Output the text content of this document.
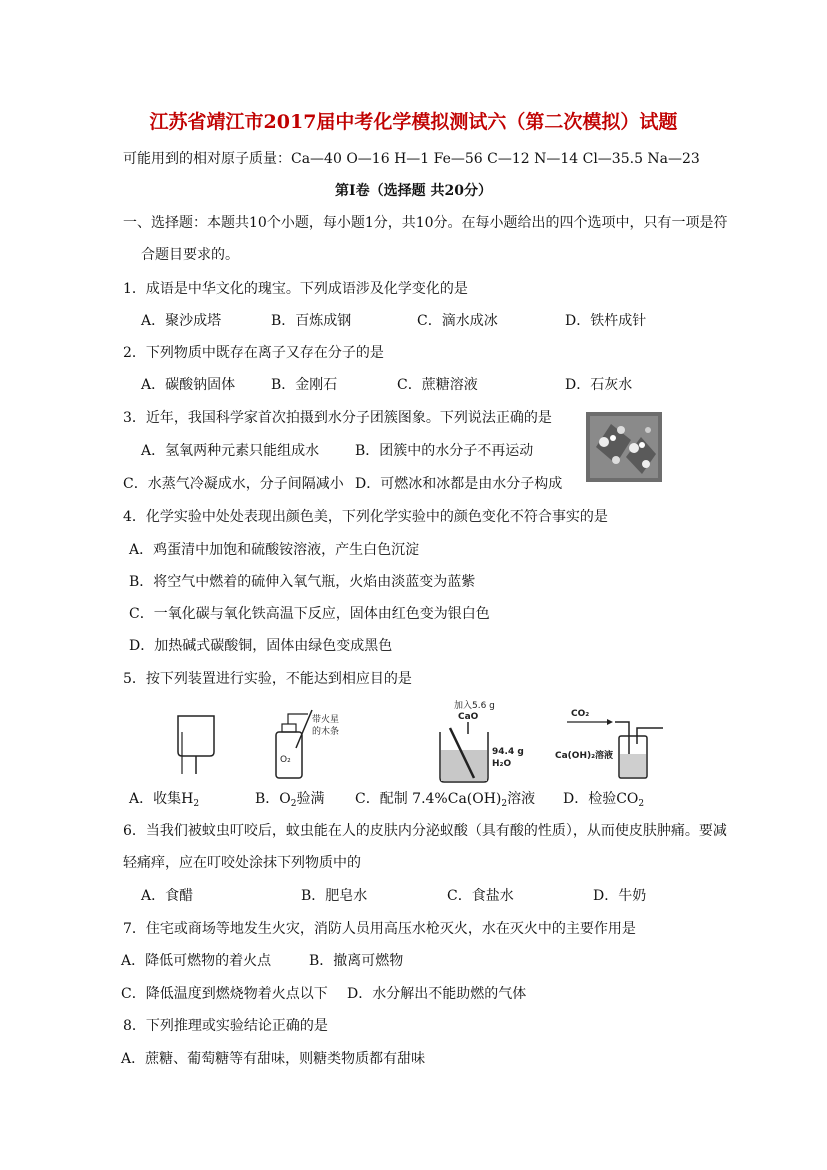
江苏省靖江市2017届中考化学模拟测试六（第二次模拟）试题
可能用到的相对原子质量：Ca—40 O—16 H—1 Fe—56 C—12 N—14 Cl—35.5 Na—23
第Ⅰ卷（选择题 共20分）
一、选择题：本题共10个小题，每小题1分，共10分。在每小题给出的四个选项中，只有一项是符
合题目要求的。
1．成语是中华文化的瑰宝。下列成语涉及化学变化的是
A．聚沙成塔	B．百炼成钢	C．滴水成冰	D．铁杵成针
2．下列物质中既存在离子又存在分子的是
A．碳酸钠固体	B．金刚石	C．蔗糖溶液	D．石灰水
3．近年，我国科学家首次拍摄到水分子团簇图象。下列说法正确的是
A．氢氧两种元素只能组成水	B．团簇中的水分子不再运动
C．水蒸气冷凝成水，分子间隔减小 D．可燃冰和冰都是由水分子构成
4．化学实验中处处表现出颜色美，下列化学实验中的颜色变化不符合事实的是
A．鸡蛋清中加饱和硫酸铵溶液，产生白色沉淀
B．将空气中燃着的硫伸入氧气瓶，火焰由淡蓝变为蓝紫
C．一氧化碳与氧化铁高温下反应，固体由红色变为银白色
D．加热碱式碳酸铜，固体由绿色变成黑色
5．按下列装置进行实验，不能达到相应目的是
O₂
带火星
的木条
加入5.6 g
CaO
94.4 g
H₂O
CO₂
Ca(OH)₂溶液
A．收集$H_2$	B．$O_2$验满 C．配制 $7.4\%Ca(OH)_2$溶液 D．检验$CO_2$
6．当我们被蚊虫叮咬后，蚊虫能在人的皮肤内分泌蚁酸（具有酸的性质），从而使皮肤肿痛。要减
轻痛痒，应在叮咬处涂抹下列物质中的
A．食醋	B．肥皂水	C．食盐水	D．牛奶
7．住宅或商场等地发生火灾，消防人员用高压水枪灭火，水在灭火中的主要作用是
A．降低可燃物的着火点	B．撤离可燃物
C．降低温度到燃烧物着火点以下 D．水分解出不能助燃的气体
8．下列推理或实验结论正确的是
A．蔗糖、葡萄糖等有甜味，则糖类物质都有甜味
